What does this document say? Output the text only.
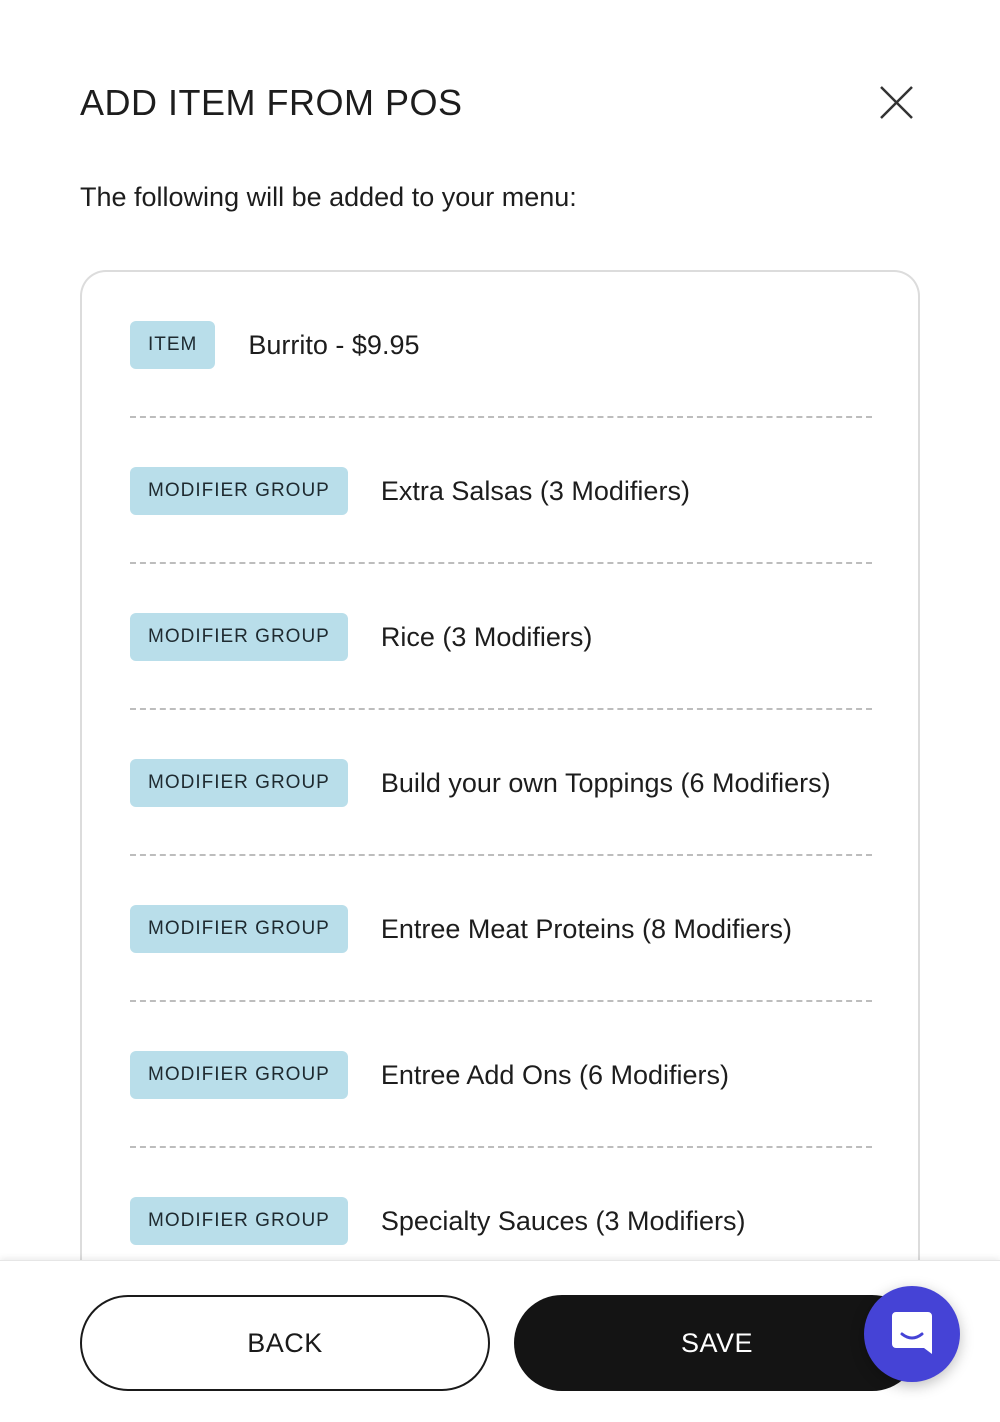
ADD ITEM FROM POS

The following will be added to your menu:

ITEM	Burrito - $9.95
MODIFIER GROUP	Extra Salsas (3 Modifiers)
MODIFIER GROUP	Rice (3 Modifiers)
MODIFIER GROUP	Build your own Toppings (6 Modifiers)
MODIFIER GROUP	Entree Meat Proteins (8 Modifiers)
MODIFIER GROUP	Entree Add Ons (6 Modifiers)
MODIFIER GROUP	Specialty Sauces (3 Modifiers)
BACK	SAVE
